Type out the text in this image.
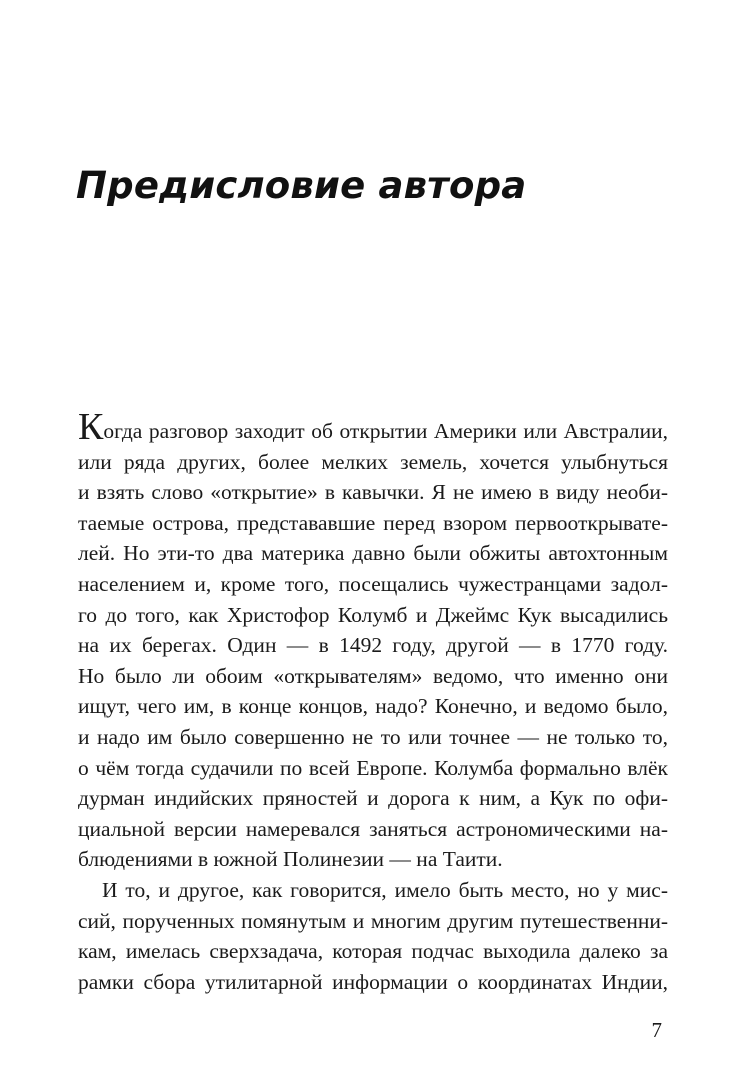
Предисловие автора
Когда разговор заходит об открытии Америки или Австралии,
или ряда других, более мелких земель, хочется улыбнуться
и взять слово «открытие» в кавычки. Я не имею в виду необи-
таемые острова, представавшие перед взором первооткрывате-
лей. Но эти-то два материка давно были обжиты автохтонным
населением и, кроме того, посещались чужестранцами задол-
го до того, как Христофор Колумб и Джеймс Кук высадились
на их берегах. Один — в 1492 году, другой — в 1770 году.
Но было ли обоим «открывателям» ведомо, что именно они
ищут, чего им, в конце концов, надо? Конечно, и ведомо было,
и надо им было совершенно не то или точнее — не только то,
о чём тогда судачили по всей Европе. Колумба формально влёк
дурман индийских пряностей и дорога к ним, а Кук по офи-
циальной версии намеревался заняться астрономическими на-
блюдениями в южной Полинезии — на Таити.
И то, и другое, как говорится, имело быть место, но у мис-
сий, порученных помянутым и многим другим путешественни-
кам, имелась сверхзадача, которая подчас выходила далеко за
рамки сбора утилитарной информации о координатах Индии,
7
